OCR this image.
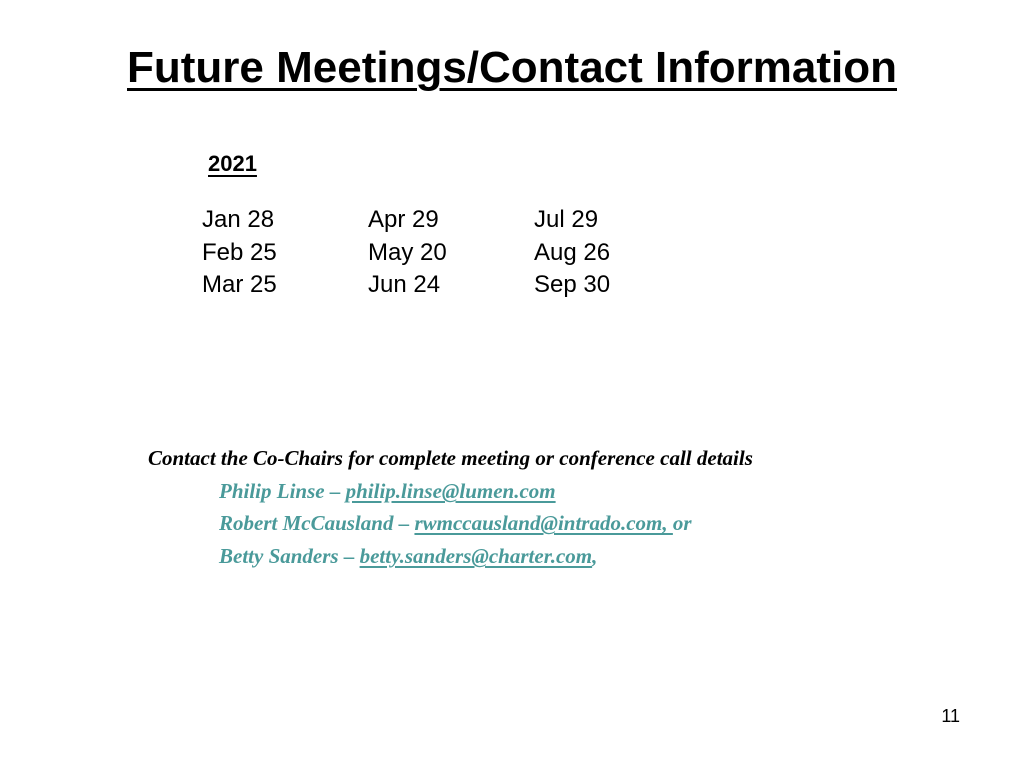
Future Meetings/Contact Information
2021
Jan 28
Feb 25
Mar 25
Apr 29
May 20
Jun 24
Jul 29
Aug 26
Sep 30
Contact the Co-Chairs for complete meeting or conference call details
Philip Linse – philip.linse@lumen.com
Robert McCausland – rwmccausland@intrado.com, or
Betty Sanders – betty.sanders@charter.com,
11
